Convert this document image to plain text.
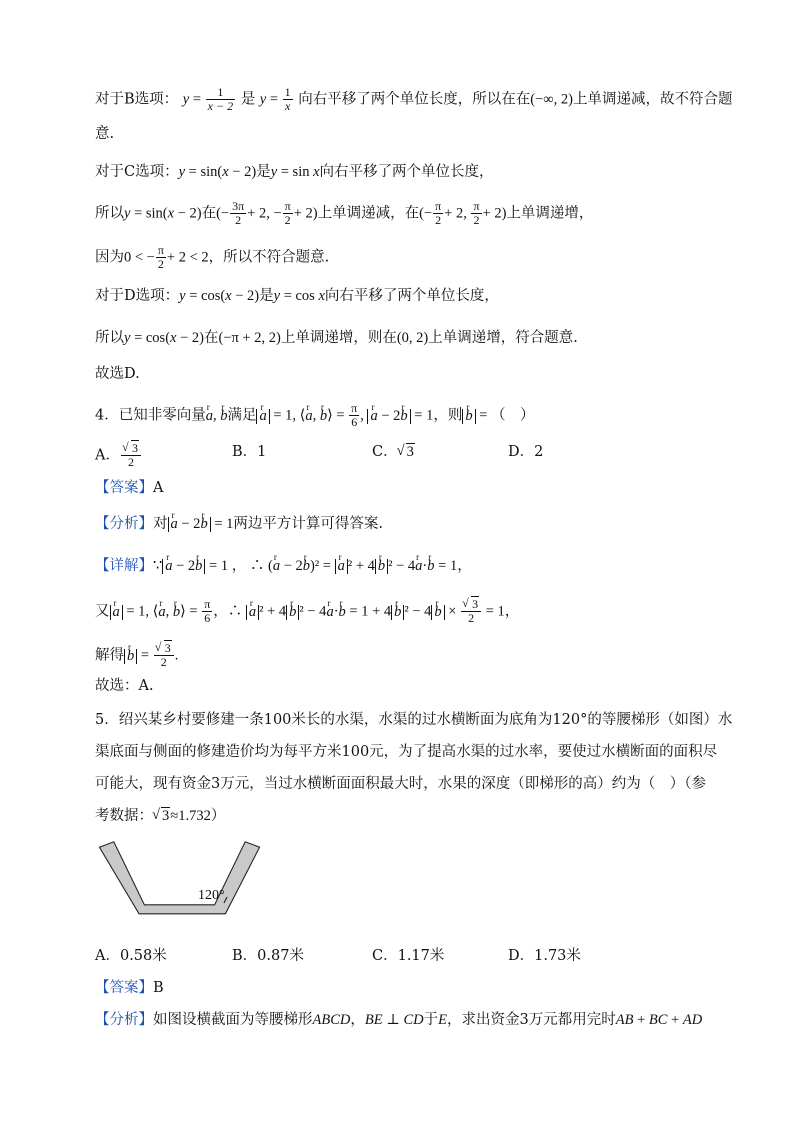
对于B选项： $y = \frac{1}{x - 2}$ 是 $y = \frac{1}{x}$ 向右平移了两个单位长度，所以在在(−∞, 2)上单调递减，故不符合题
意.
对于C选项：y = sin(x − 2)是y = sin x向右平移了两个单位长度，
所以y = sin(x − 2)在(− $\frac{3\pi}{2} + 2$, − $\frac{\pi}{2} + 2$)上单调递减，在(− $\frac{\pi}{2} + 2$, $\frac{\pi}{2} + 2$)上单调递增，
因为0 < − $\frac{\pi}{2} + 2 < 2$，所以不符合题意.
对于D选项：y = cos(x − 2)是y = cos x向右平移了两个单位长度，
所以y = cos(x − 2)在(−π + 2, 2)上单调递增，则在(0, 2)上单调递增，符合题意.
故选D.
4．已知非零向量r a, r b满足 r a = 1, ⟨r a, r b⟩ = $\frac{\pi}{6}$ , r a − 2r b = 1，则 r b = （　）
A． √ $\frac{3}{2}$	B．1	C． √ 3	D．2
【答案】A
【分析】对 r a − 2r b = 1两边平方计算可得答案.
【详解】∵ r a − 2r b = 1 ， ∴ (r a − 2r b)² = r a ² + 4 r b ² − 4r a·r b = 1，
又 r a = 1, ⟨r a, r b⟩ = $\frac{\pi}{6}$ ，∴ r a ² + 4 r b ² − 4r a·r b = 1 + 4 r b ² − 4 r b × √ $\frac{3}{2} = 1$，
解得 r b = √ $\frac{3}{2}$ .
故选：A.
5．绍兴某乡村要修建一条100米长的水渠，水渠的过水横断面为底角为120°的等腰梯形（如图）水
渠底面与侧面的修建造价均为每平方米100元，为了提高水渠的过水率，要使过水横断面的面积尽
可能大，现有资金3万元，当过水横断面面积最大时，水果的深度（即梯形的高）约为（　）（参
考数据： √ 3≈1.732）
120°
A．0.58米	B．0.87米	C．1.17米	D．1.73米
【答案】B
【分析】如图设横截面为等腰梯形ABCD，BE ⊥ CD于E，求出资金3万元都用完时AB + BC + AD
